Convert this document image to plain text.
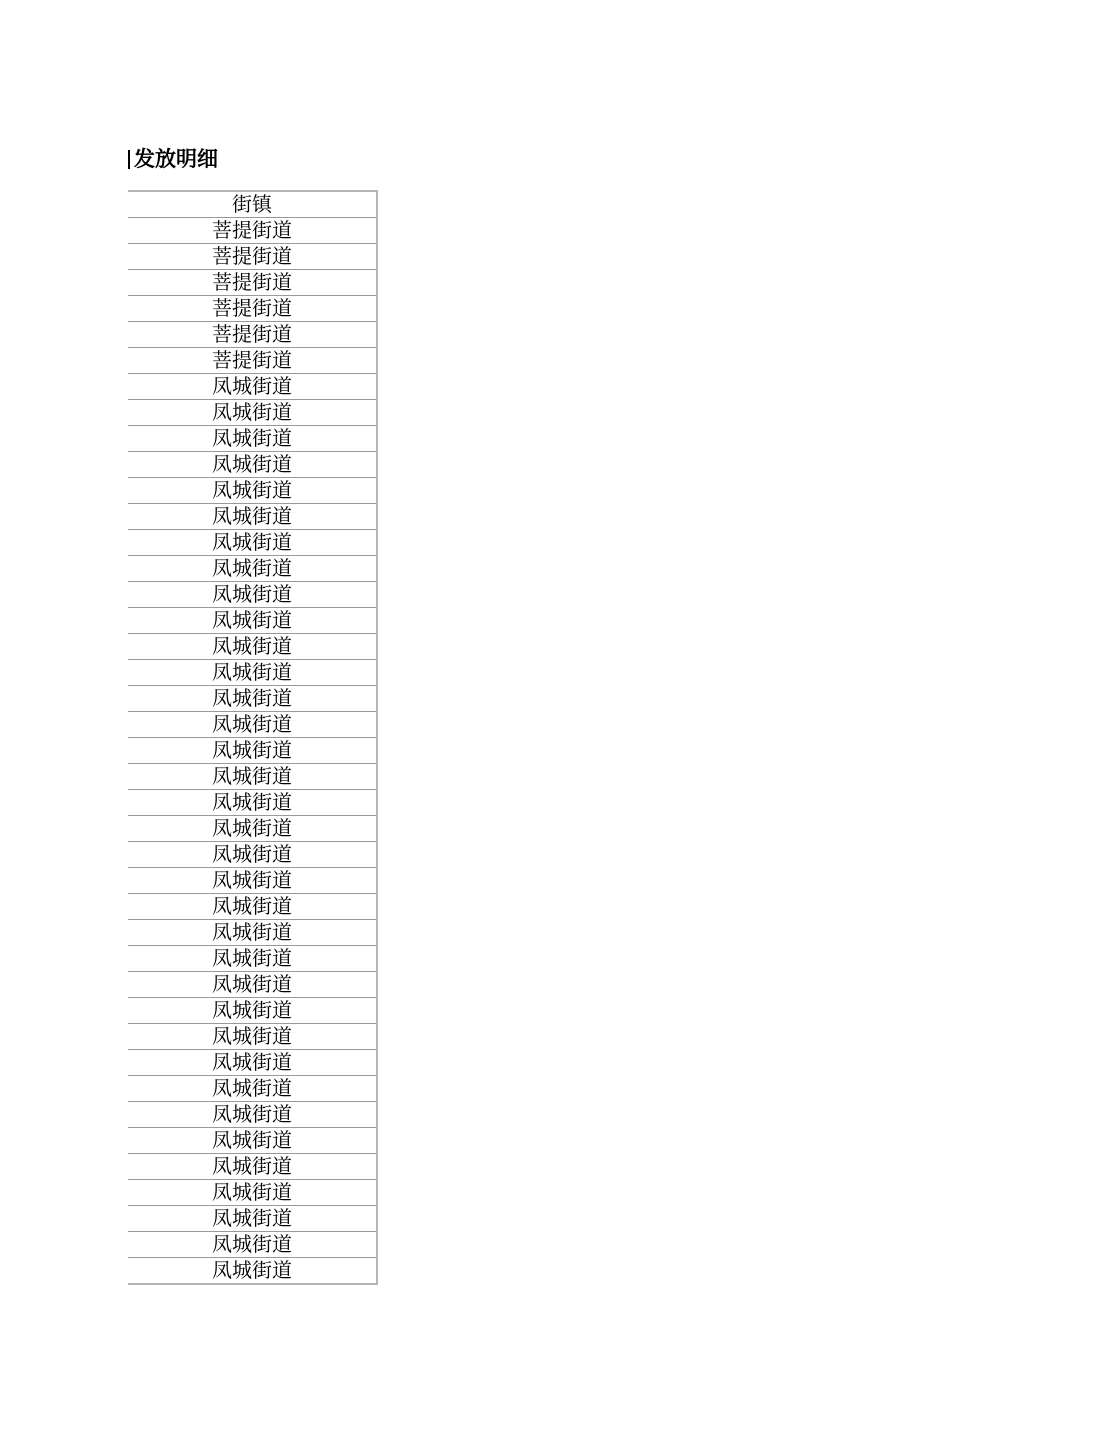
发放明细
街镇
菩提街道
菩提街道
菩提街道
菩提街道
菩提街道
菩提街道
凤城街道
凤城街道
凤城街道
凤城街道
凤城街道
凤城街道
凤城街道
凤城街道
凤城街道
凤城街道
凤城街道
凤城街道
凤城街道
凤城街道
凤城街道
凤城街道
凤城街道
凤城街道
凤城街道
凤城街道
凤城街道
凤城街道
凤城街道
凤城街道
凤城街道
凤城街道
凤城街道
凤城街道
凤城街道
凤城街道
凤城街道
凤城街道
凤城街道
凤城街道
凤城街道
